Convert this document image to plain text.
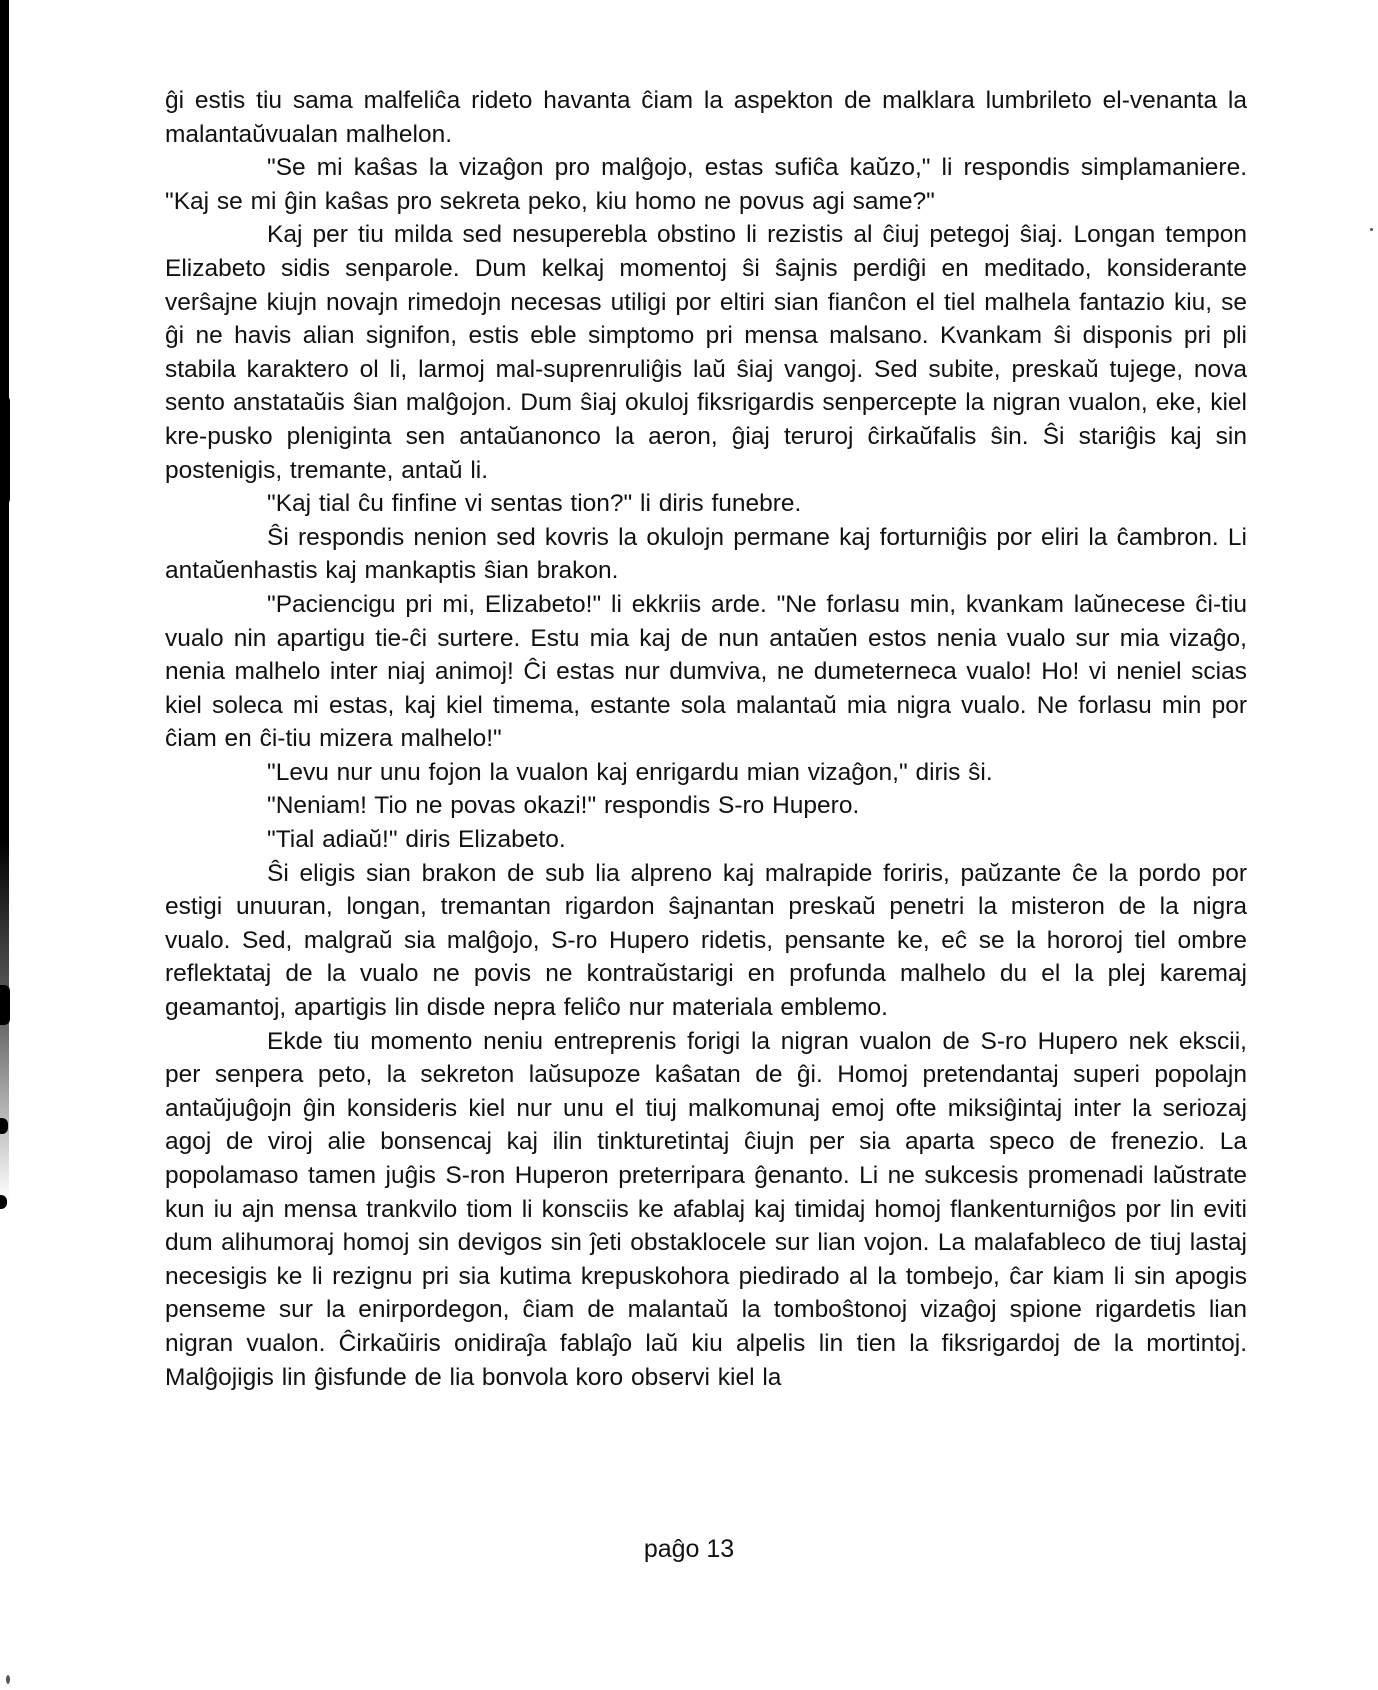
ĝi estis tiu sama malfeliĉa rideto havanta ĉiam la aspekton de malklara lumbrileto el-venanta la malantaŭvualan malhelon.

"Se mi kaŝas la vizaĝon pro malĝojo, estas sufiĉa kaŭzo," li respondis simplamaniere. "Kaj se mi ĝin kaŝas pro sekreta peko, kiu homo ne povus agi same?"

Kaj per tiu milda sed nesuperebla obstino li rezistis al ĉiuj petegoj ŝiaj. Longan tempon Elizabeto sidis senparole. Dum kelkaj momentoj ŝi ŝajnis perdiĝi en meditado, konsiderante verŝajne kiujn novajn rimedojn necesas utiligi por eltiri sian fianĉon el tiel malhela fantazio kiu, se ĝi ne havis alian signifon, estis eble simptomo pri mensa malsano. Kvankam ŝi disponis pri pli stabila karaktero ol li, larmoj mal-suprenruliĝis laŭ ŝiaj vangoj. Sed subite, preskaŭ tujege, nova sento anstataŭis ŝian malĝojon. Dum ŝiaj okuloj fiksrigardis senpercepte la nigran vualon, eke, kiel kre-pusko pleniginta sen antaŭanonco la aeron, ĝiaj teruroj ĉirkaŭfalis ŝin. Ŝi stariĝis kaj sin postenigis, tremante, antaŭ li.

"Kaj tial ĉu finfine vi sentas tion?" li diris funebre.

Ŝi respondis nenion sed kovris la okulojn permane kaj forturniĝis por eliri la ĉambron. Li antaŭenhastis kaj mankaptis ŝian brakon.

"Paciencigu pri mi, Elizabeto!" li ekkriis arde. "Ne forlasu min, kvankam laŭnecese ĉi-tiu vualo nin apartigu tie-ĉi surtere. Estu mia kaj de nun antaŭen estos nenia vualo sur mia vizaĝo, nenia malhelo inter niaj animoj! Ĉi estas nur dumviva, ne dumeterneca vualo! Ho! vi neniel scias kiel soleca mi estas, kaj kiel timema, estante sola malantaŭ mia nigra vualo. Ne forlasu min por ĉiam en ĉi-tiu mizera malhelo!"

"Levu nur unu fojon la vualon kaj enrigardu mian vizaĝon," diris ŝi.

"Neniam! Tio ne povas okazi!" respondis S-ro Hupero.

"Tial adiaŭ!" diris Elizabeto.

Ŝi eligis sian brakon de sub lia alpreno kaj malrapide foriris, paŭzante ĉe la pordo por estigi unuuran, longan, tremantan rigardon ŝajnantan preskaŭ penetri la misteron de la nigra vualo. Sed, malgraŭ sia malĝojo, S-ro Hupero ridetis, pensante ke, eĉ se la hororoj tiel ombre reflektataj de la vualo ne povis ne kontraŭstarigi en profunda malhelo du el la plej karemaj geamantoj, apartigis lin disde nepra feliĉo nur materiala emblemo.

Ekde tiu momento neniu entreprenis forigi la nigran vualon de S-ro Hupero nek ekscii, per senpera peto, la sekreton laŭsupoze kaŝatan de ĝi. Homoj pretendantaj superi popolajn antaŭjuĝojn ĝin konsideris kiel nur unu el tiuj malkomunaj emoj ofte miksiĝintaj inter la seriozaj agoj de viroj alie bonsencaj kaj ilin tinkturetintaj ĉiujn per sia aparta speco de frenezio. La popolamaso tamen juĝis S-ron Huperon preterripara ĝenanto. Li ne sukcesis promenadi laŭstrate kun iu ajn mensa trankvilo tiom li konsciis ke afablaj kaj timidaj homoj flankenturniĝos por lin eviti dum alihumoraj homoj sin devigos sin ĵeti obstaklocele sur lian vojon. La malafableco de tiuj lastaj necesigis ke li rezignu pri sia kutima krepuskohora piedirado al la tombejo, ĉar kiam li sin apogis penseme sur la enirpordegon, ĉiam de malantaŭ la tomboŝtonoj vizaĝoj spione rigardetis lian nigran vualon. Ĉirkaŭiris onidiraĵa fablaĵo laŭ kiu alpelis lin tien la fiksrigardoj de la mortintoj. Malĝojigis lin ĝisfunde de lia bonvola koro observi kiel la

paĝo 13
